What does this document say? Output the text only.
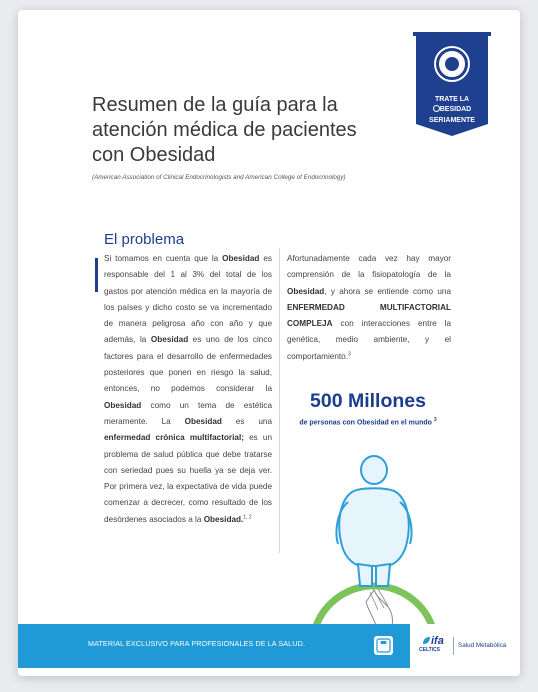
TRATE LA
BESIDAD
SERIAMENTE
Resumen de la guía para la atención médica de pacientes con Obesidad
(American Association of Clinical Endocrinologists and American College of Endocrinology)
El problema
Si tomamos en cuenta que la Obesidad es responsable del 1 al 3% del total de los gastos por atención médica en la mayoría de los países y dicho costo se va incrementado de manera peligrosa año con año y que además, la Obesidad es uno de los cinco factores para el desarrollo de enfermedades posteriores que ponen en riesgo la salud, entonces, no podemos considerar la Obesidad como un tema de estética meramente. La Obesidad es una enfermedad crónica multifactorial; es un problema de salud pública que debe tratarse con seriedad pues su huella ya se deja ver. Por primera vez, la expectativa de vida puede comenzar a decrecer, como resultado de los desórdenes asociados a la Obesidad.$^{1, 2}$
Afortunadamente cada vez hay mayor comprensión de la fisiopatología de la Obesidad, y ahora se entiende como una ENFERMEDAD MULTIFACTORIAL COMPLEJA con interacciones entre la genética, medio ambiente, y el comportamiento.$^3$
500 Millones
de personas con Obesidad en el mundo $^3$
MATERIAL EXCLUSIVO PARA PROFESIONALES DE LA SALUD.	ifa
CELTICS
Salud Metabólica
